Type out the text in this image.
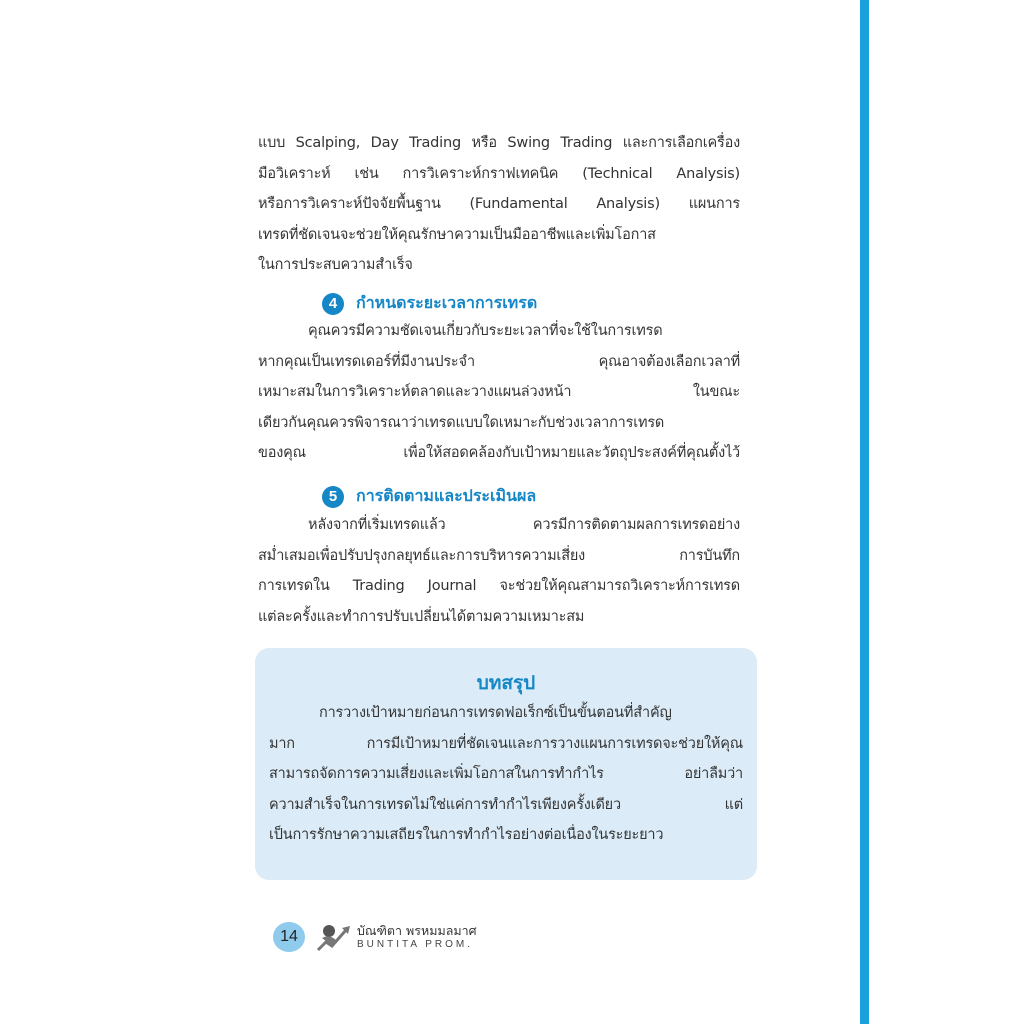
แบบ Scalping, Day Trading หรือ Swing Trading และการเลือกเครื่อง
มือวิเคราะห์ เช่น การวิเคราะห์กราฟเทคนิค (Technical Analysis)
หรือการวิเคราะห์ปัจจัยพื้นฐาน (Fundamental Analysis) แผนการ
เทรดที่ชัดเจนจะช่วยให้คุณรักษาความเป็นมืออาชีพและเพิ่มโอกาส
ในการประสบความสำเร็จ
4	กำหนดระยะเวลาการเทรด
คุณควรมีความชัดเจนเกี่ยวกับระยะเวลาที่จะใช้ในการเทรด
หากคุณเป็นเทรดเดอร์ที่มีงานประจำ คุณอาจต้องเลือกเวลาที่
เหมาะสมในการวิเคราะห์ตลาดและวางแผนล่วงหน้า ในขณะ
เดียวกันคุณควรพิจารณาว่าเทรดแบบใดเหมาะกับช่วงเวลาการเทรด
ของคุณ เพื่อให้สอดคล้องกับเป้าหมายและวัตถุประสงค์ที่คุณตั้งไว้
5	การติดตามและประเมินผล
หลังจากที่เริ่มเทรดแล้ว ควรมีการติดตามผลการเทรดอย่าง
สม่ำเสมอเพื่อปรับปรุงกลยุทธ์และการบริหารความเสี่ยง การบันทึก
การเทรดใน Trading Journal จะช่วยให้คุณสามารถวิเคราะห์การเทรด
แต่ละครั้งและทำการปรับเปลี่ยนได้ตามความเหมาะสม
บทสรุป
การวางเป้าหมายก่อนการเทรดฟอเร็กซ์เป็นขั้นตอนที่สำคัญ
มาก การมีเป้าหมายที่ชัดเจนและการวางแผนการเทรดจะช่วยให้คุณ
สามารถจัดการความเสี่ยงและเพิ่มโอกาสในการทำกำไร อย่าลืมว่า
ความสำเร็จในการเทรดไม่ใช่แค่การทำกำไรเพียงครั้งเดียว แต่
เป็นการรักษาความเสถียรในการทำกำไรอย่างต่อเนื่องในระยะยาว
14	บัณฑิตา พรหมมลมาศ
BUNTITA PROM.
